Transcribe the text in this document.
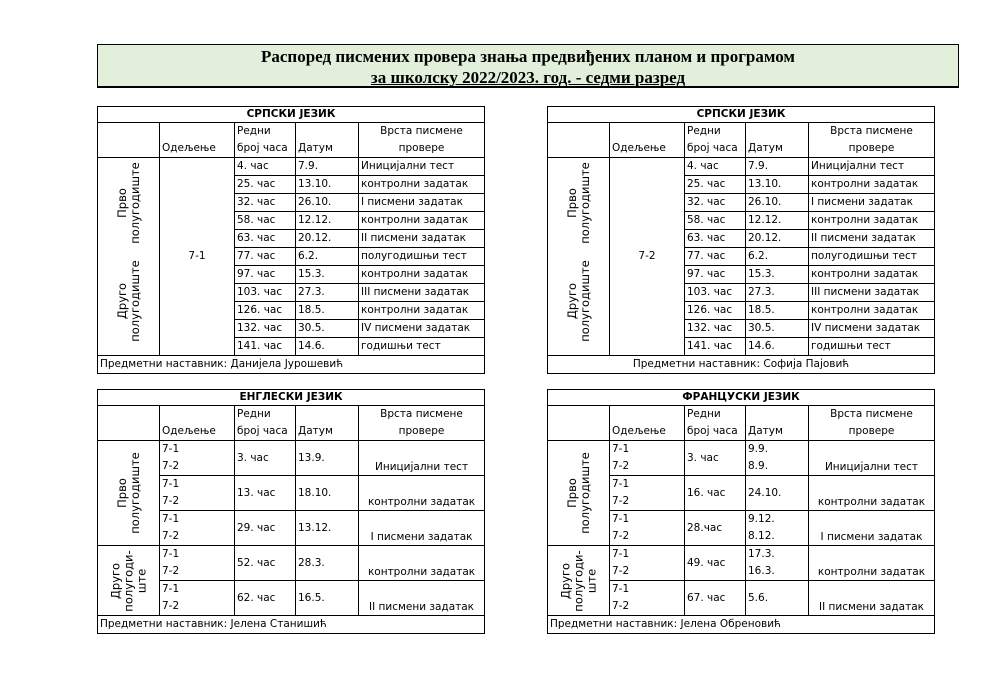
Распоред писмених провера знања предвиђених планом и програмом
за школску 2022/2023. год. - седми разред
СРПСКИ ЈЕЗИК				
		Редни		Врста писмене
	Одељење	број часа	Датум	провере

Прво полугодиште	7-1	4. час	7.9.	Иницијални тест
		25. час	13.10.	контролни задатак
		32. час	26.10.	I писмени задатак
		58. час	12.12.	контролни задатак
		63. час	20.12.	II писмени задатак

Друго полугодиште		77. час	6.2.	полугодишњи тест
		97. час	15.3.	контролни задатак
		103. час	27.3.	III писмени задатак
		126. час	18.5.	контролни задатак
		132. час	30.5.	IV писмени задатак
		141. час	14.6.	годишњи тест
Предметни наставник: Данијела Јурошевић				
СРПСКИ ЈЕЗИК				
		Редни		Врста писмене
	Одељење	број часа	Датум	провере

Прво полугодиште	7-2	4. час	7.9.	Иницијални тест
		25. час	13.10.	контролни задатак
		32. час	26.10.	I писмени задатак
		58. час	12.12.	контролни задатак
		63. час	20.12.	II писмени задатак

Друго полугодиште		77. час	6.2.	полугодишњи тест
		97. час	15.3.	контролни задатак
		103. час	27.3.	III писмени задатак
		126. час	18.5.	контролни задатак
		132. час	30.5.	IV писмени задатак
		141. час	14.6.	годишњи тест
Предметни наставник: Софија Пајовић				
ЕНГЛЕСКИ ЈЕЗИК				
		Редни		Врста писмене
	Одељење	број часа	Датум	провере

Прво полугодиште	7-1	3. час	13.9.	Иницијални тест
	7-2			
	7-1	13. час	18.10.	контролни задатак
	7-2			
	7-1	29. час	13.12.	I писмени задатак
	7-2			

Друго полугоди- ште	7-1	52. час	28.3.	контролни задатак
	7-2			
	7-1	62. час	16.5.	II писмени задатак
	7-2			
Предметни наставник: Јелена Станишић				
ФРАНЦУСКИ ЈЕЗИК				
		Редни		Врста писмене
	Одељење	број часа	Датум	провере

Прво полугодиште	7-1	3. час	9.9.	Иницијални тест
	7-2		8.9.	
	7-1	16. час	24.10.	контролни задатак
	7-2			
	7-1	28.час	9.12.	I писмени задатак
	7-2		8.12.	

Друго полугоди- ште	7-1	49. час	17.3.	контролни задатак
	7-2		16.3.	
	7-1	67. час	5.6.	II писмени задатак
	7-2			
Предметни наставник: Јелена Обреновић				
